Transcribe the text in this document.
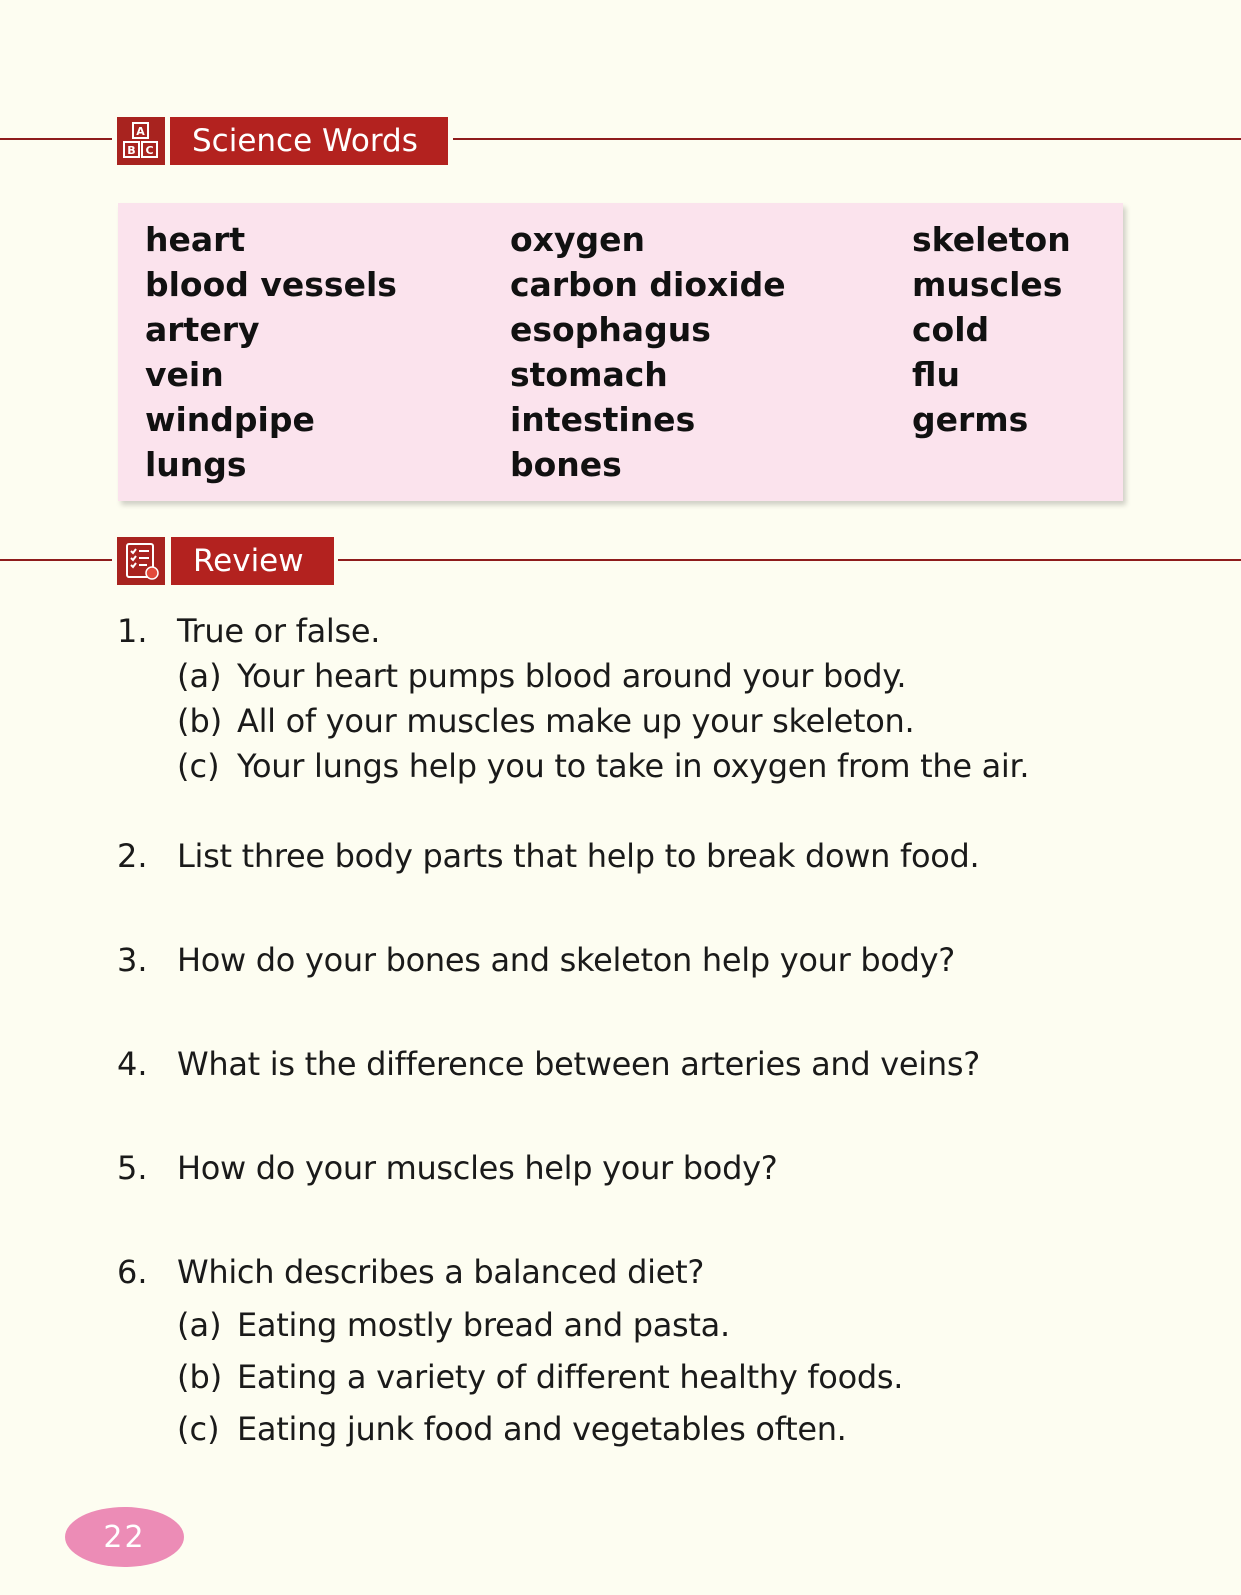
A
B C	Science Words
heart
blood vessels
artery
vein
windpipe
lungs
oxygen
carbon dioxide
esophagus
stomach
intestines
bones
skeleton
muscles
cold
flu
germs
Review
1. True or false.
(a) Your heart pumps blood around your body.
(b) All of your muscles make up your skeleton.
(c) Your lungs help you to take in oxygen from the air.
2. List three body parts that help to break down food.
3. How do your bones and skeleton help your body?
4. What is the difference between arteries and veins?
5. How do your muscles help your body?
6. Which describes a balanced diet?
(a) Eating mostly bread and pasta.
(b) Eating a variety of different healthy foods.
(c) Eating junk food and vegetables often.
22
